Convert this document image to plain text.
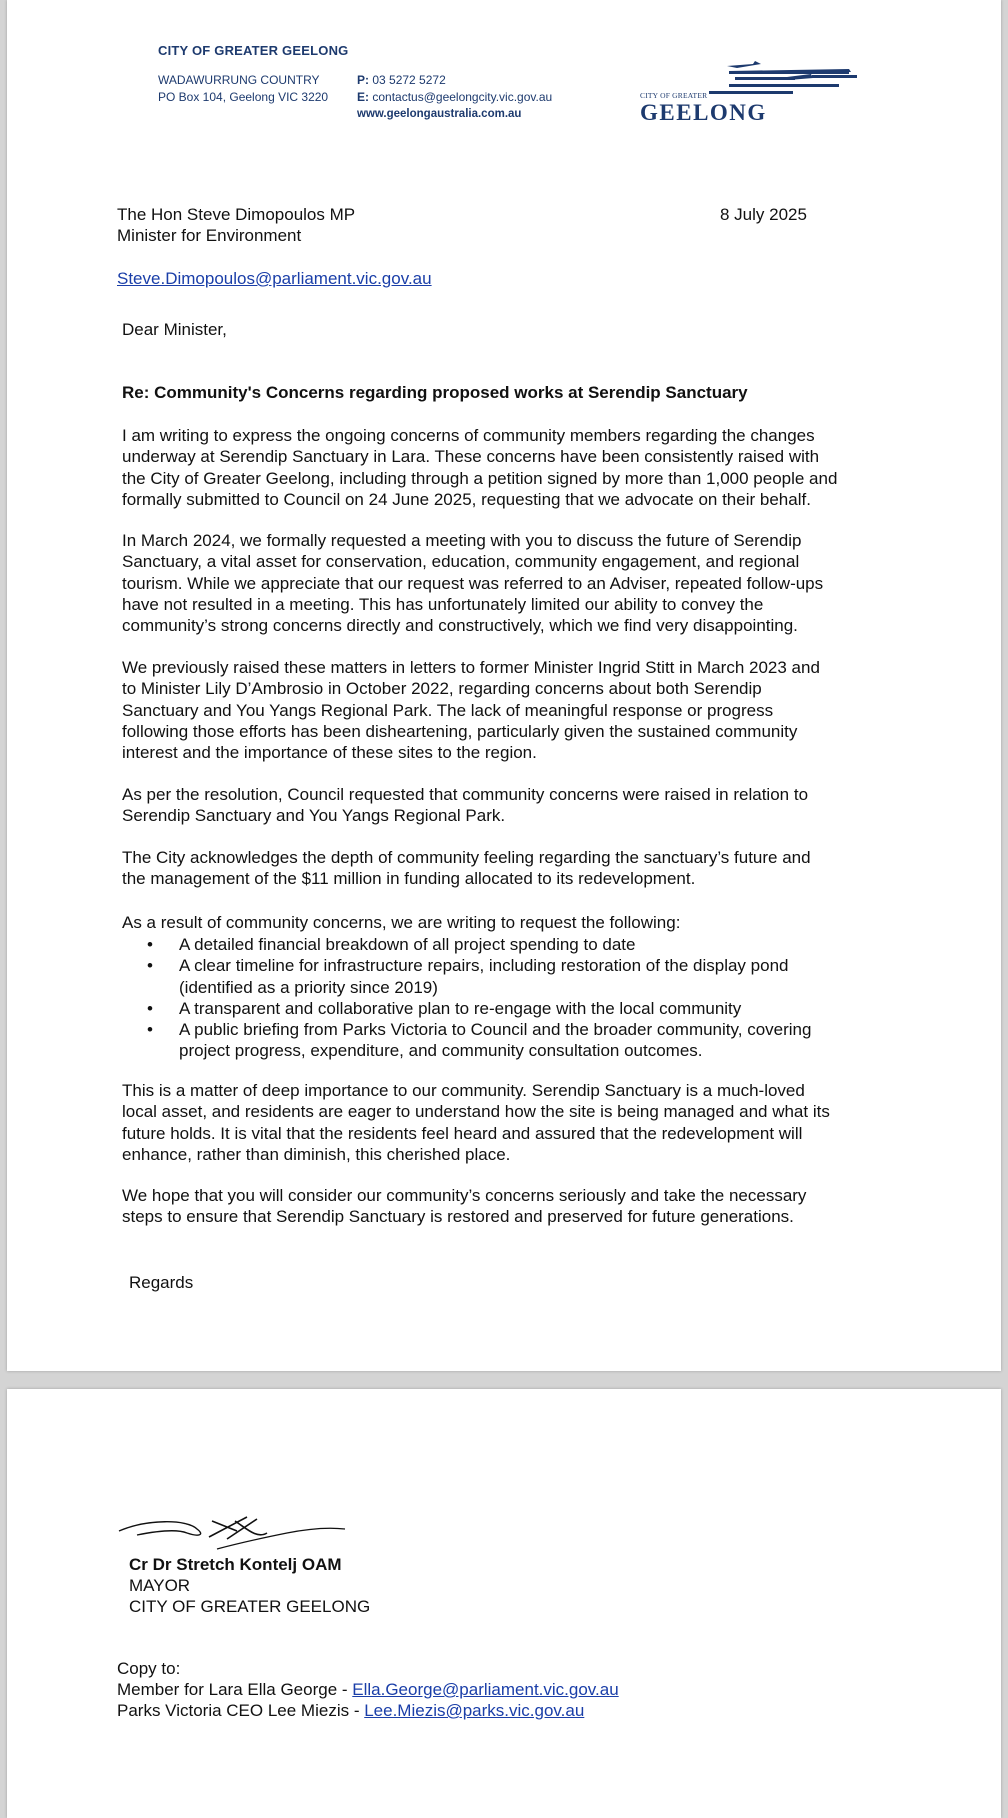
CITY OF GREATER GEELONG
WADAWURRUNG COUNTRY
PO Box 104, Geelong VIC 3220
P: 03 5272 5272
E: contactus@geelongcity.vic.gov.au
www.geelongaustralia.com.au
CITY OF GREATER
GEELONG
The Hon Steve Dimopoulos MP
Minister for Environment
8 July 2025
Steve.Dimopoulos@parliament.vic.gov.au
Dear Minister,
Re: Community's Concerns regarding proposed works at Serendip Sanctuary
I am writing to express the ongoing concerns of community members regarding the changes
underway at Serendip Sanctuary in Lara. These concerns have been consistently raised with
the City of Greater Geelong, including through a petition signed by more than 1,000 people and
formally submitted to Council on 24 June 2025, requesting that we advocate on their behalf.
In March 2024, we formally requested a meeting with you to discuss the future of Serendip
Sanctuary, a vital asset for conservation, education, community engagement, and regional
tourism. While we appreciate that our request was referred to an Adviser, repeated follow-ups
have not resulted in a meeting. This has unfortunately limited our ability to convey the
community’s strong concerns directly and constructively, which we find very disappointing.
We previously raised these matters in letters to former Minister Ingrid Stitt in March 2023 and
to Minister Lily D’Ambrosio in October 2022, regarding concerns about both Serendip
Sanctuary and You Yangs Regional Park. The lack of meaningful response or progress
following those efforts has been disheartening, particularly given the sustained community
interest and the importance of these sites to the region.
As per the resolution, Council requested that community concerns were raised in relation to
Serendip Sanctuary and You Yangs Regional Park.
The City acknowledges the depth of community feeling regarding the sanctuary’s future and
the management of the $11 million in funding allocated to its redevelopment.
As a result of community concerns, we are writing to request the following:
• A detailed financial breakdown of all project spending to date
• A clear timeline for infrastructure repairs, including restoration of the display pond
(identified as a priority since 2019)
• A transparent and collaborative plan to re-engage with the local community
• A public briefing from Parks Victoria to Council and the broader community, covering
project progress, expenditure, and community consultation outcomes.
This is a matter of deep importance to our community. Serendip Sanctuary is a much-loved
local asset, and residents are eager to understand how the site is being managed and what its
future holds. It is vital that the residents feel heard and assured that the redevelopment will
enhance, rather than diminish, this cherished place.
We hope that you will consider our community’s concerns seriously and take the necessary
steps to ensure that Serendip Sanctuary is restored and preserved for future generations.
Regards
Cr Dr Stretch Kontelj OAM
MAYOR
CITY OF GREATER GEELONG
Copy to:
Member for Lara Ella George - Ella.George@parliament.vic.gov.au
Parks Victoria CEO Lee Miezis - Lee.Miezis@parks.vic.gov.au
